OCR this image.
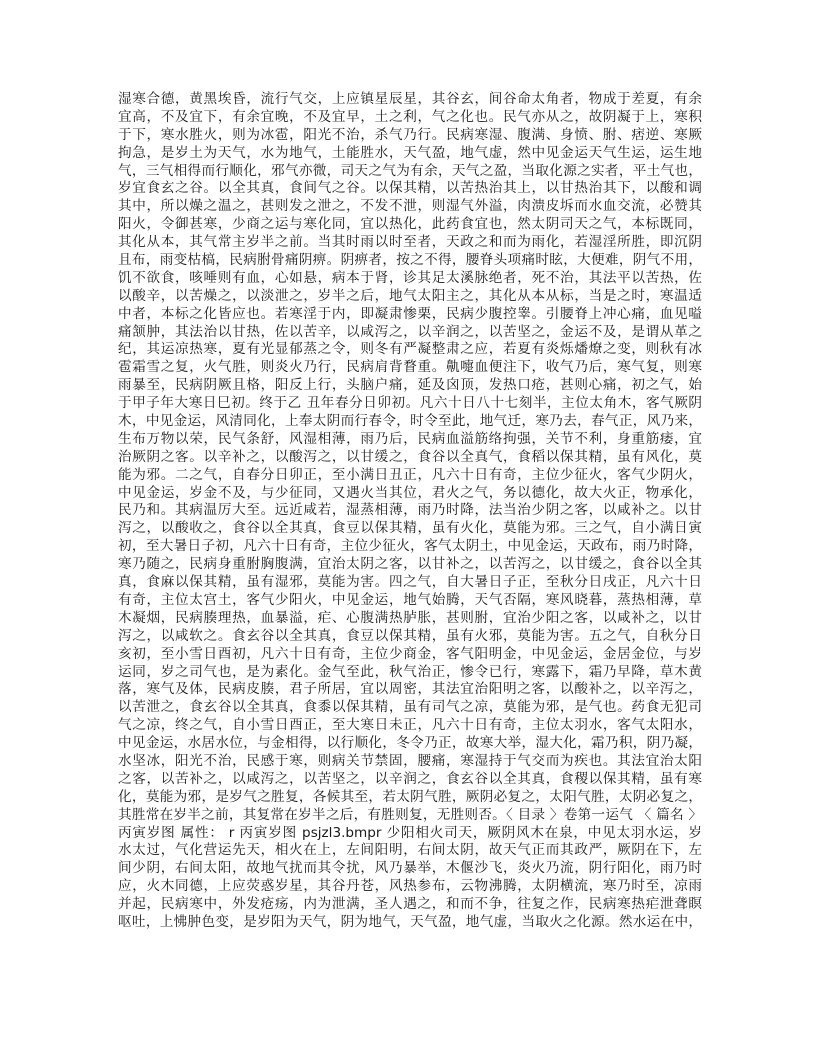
湿寒合德，黄黑埃昏，流行气交，上应镇星辰星，其谷玄，间谷命太角者，物成于差夏，有余
宜高，不及宜下，有余宜晚，不及宜早，土之利，气之化也。民气亦从之，故阴凝于上，寒积
于下，寒水胜火，则为冰雹，阳光不治，杀气乃行。民病寒湿、腹满、身愤、胕、痞逆、寒厥
拘急，是岁土为天气，水为地气，土能胜水，天气盈，地气虚，然中见金运天气生运，运生地
气，三气相得而行顺化，邪气亦微，司天之气为有余，天气之盈，当取化源之实者，平土气也，
岁宜食玄之谷。以全其真，食间气之谷。以保其精，以苦热治其上，以甘热治其下，以酸和调
其中，所以燥之温之，甚则发之泄之，不发不泄，则湿气外溢，肉溃皮坼而水血交流，必赞其
阳火，令御甚寒，少商之运与寒化同，宜以热化，此药食宜也，然太阴司天之气，本标既同，
其化从本，其气常主岁半之前。当其时雨以时至者，天政之和而为雨化，若湿淫所胜，即沉阴
且布，雨变枯槁，民病胕骨痛阴痹。阴痹者，按之不得，腰脊头项痛时眩，大便难，阴气不用，
饥不欲食，咳唾则有血，心如悬，病本于肾，诊其足太溪脉绝者，死不治，其法平以苦热，佐
以酸辛，以苦燥之，以淡泄之，岁半之后，地气太阳主之，其化从本从标，当是之时，寒温适
中者，本标之化皆应也。若寒淫于内，即凝肃惨栗，民病少腹控睾。引腰脊上冲心痛，血见嗌
痛颔肿，其法治以甘热，佐以苦辛，以咸泻之，以辛润之，以苦坚之，金运不及，是谓从革之
纪，其运凉热寒，夏有光显郁蒸之令，则冬有严凝整肃之应，若夏有炎烁燔燎之变，则秋有冰
雹霜雪之复，火气胜，则炎火乃行，民病肩背瞀重。鼽嚏血便注下，收气乃后，寒气复，则寒
雨暴至，民病阴厥且格，阳反上行，头脑户痛，延及囟顶，发热口疮，甚则心痛，初之气，始
于甲子年大寒日巳初。终于乙 丑年春分日卯初。凡六十日八十七刻半，主位太角木，客气厥阴
木，中见金运，风清同化，上奉太阴而行春令，时令至此，地气迁，寒乃去，春气正，风乃来，
生布万物以荣，民气条舒，风湿相薄，雨乃后，民病血溢筋络拘强，关节不利，身重筋痿，宜
治厥阴之客。以辛补之，以酸泻之，以甘缓之，食谷以全真气，食稻以保其精，虽有风化，莫
能为邪。二之气，自春分日卯正，至小满日丑正，凡六十日有奇，主位少征火，客气少阴火，
中见金运，岁金不及，与少征同，又遇火当其位，君火之气，务以德化，故大火正，物承化，
民乃和。其病温厉大至。远近咸若，湿蒸相薄，雨乃时降，法当治少阴之客，以咸补之。以甘
泻之，以酸收之，食谷以全其真，食豆以保其精，虽有火化，莫能为邪。三之气，自小满日寅
初，至大暑日子初，凡六十日有奇，主位少征火，客气太阴土，中见金运，天政布，雨乃时降，
寒乃随之，民病身重胕胸腹满，宜治太阴之客，以甘补之，以苦泻之，以甘缓之，食谷以全其
真，食麻以保其精，虽有湿邪，莫能为害。四之气，自大暑日子正，至秋分日戌正，凡六十日
有奇，主位太宫土，客气少阳火，中见金运，地气始腾，天气否隔，寒风晓暮，蒸热相薄，草
木凝烟，民病腠理热，血暴溢，疟、心腹满热胪胀，甚则胕，宜治少阳之客，以咸补之，以甘
泻之，以咸软之。食玄谷以全其真，食豆以保其精，虽有火邪，莫能为害。五之气，自秋分日
亥初，至小雪日酉初，凡六十日有奇，主位少商金，客气阳明金，中见金运，金居金位，与岁
运同，岁之司气也，是为素化。金气至此，秋气治正，惨令已行，寒露下，霜乃早降，草木黄
落，寒气及体，民病皮腠，君子所居，宜以周密，其法宜治阳明之客，以酸补之，以辛泻之，
以苦泄之，食玄谷以全其真，食黍以保其精，虽有司气之凉，莫能为邪，是气也。药食无犯司
气之凉，终之气，自小雪日酉正，至大寒日未正，凡六十日有奇，主位太羽水，客气太阳水，
中见金运，水居水位，与金相得，以行顺化，冬令乃正，故寒大举，湿大化，霜乃积，阴乃凝，
水坚冰，阳光不治，民感于寒，则病关节禁固，腰痛，寒湿持于气交而为疾也。其法宜治太阳
之客，以苦补之，以咸泻之，以苦坚之，以辛润之，食玄谷以全其真，食稷以保其精，虽有寒
化，莫能为邪，是岁气之胜复，各候其至，若太阴气胜，厥阴必复之，太阳气胜，太阴必复之，
其胜常在岁半之前，其复常在岁半之后，有胜则复，无胜则否。〈 目录 〉卷第一运气 〈 篇名 〉
丙寅岁图 属性： r 丙寅岁图 psjzl3.bmpr 少阳相火司天，厥阴风木在泉，中见太羽水运，岁
水太过，气化营运先天，相火在上，左间阳明，右间太阴，故天气正而其政严，厥阴在下，左
间少阴，右间太阳，故地气扰而其令扰，风乃暴举，木偃沙飞，炎火乃流，阴行阳化，雨乃时
应，火木同德，上应荧惑岁星，其谷丹苍，风热参布，云物沸腾，太阴横流，寒乃时至，凉雨
并起，民病寒中，外发疮疡，内为泄满，圣人遇之，和而不争，往复之作，民病寒热疟泄聋瞑
呕吐，上怫肿色变，是岁阳为天气，阴为地气，天气盈，地气虚，当取火之化源。然水运在中，
